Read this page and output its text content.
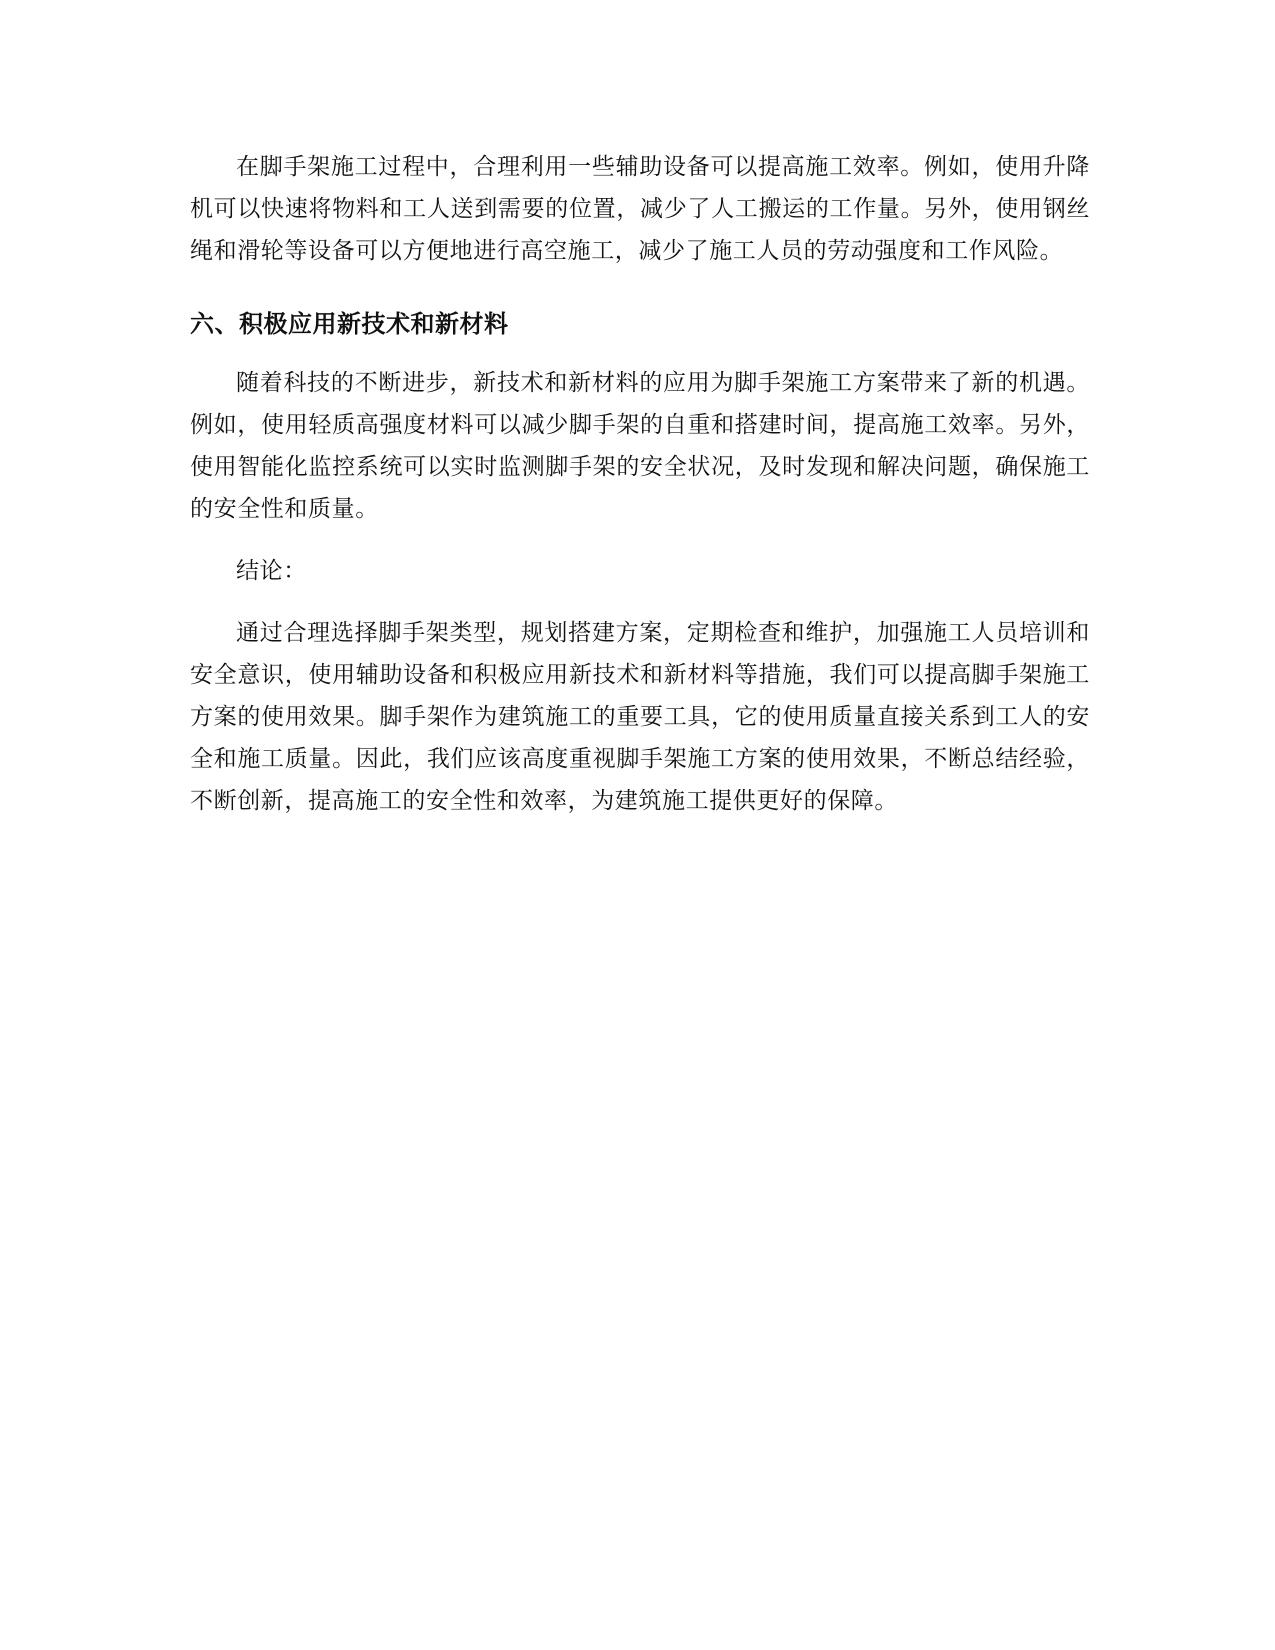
在脚手架施工过程中，合理利用一些辅助设备可以提高施工效率。例如，使用升降机可以快速将物料和工人送到需要的位置，减少了人工搬运的工作量。另外，使用钢丝绳和滑轮等设备可以方便地进行高空施工，减少了施工人员的劳动强度和工作风险。

六、积极应用新技术和新材料

随着科技的不断进步，新技术和新材料的应用为脚手架施工方案带来了新的机遇。例如，使用轻质高强度材料可以减少脚手架的自重和搭建时间，提高施工效率。另外，使用智能化监控系统可以实时监测脚手架的安全状况，及时发现和解决问题，确保施工的安全性和质量。

结论：

通过合理选择脚手架类型，规划搭建方案，定期检查和维护，加强施工人员培训和安全意识，使用辅助设备和积极应用新技术和新材料等措施，我们可以提高脚手架施工方案的使用效果。脚手架作为建筑施工的重要工具，它的使用质量直接关系到工人的安全和施工质量。因此，我们应该高度重视脚手架施工方案的使用效果，不断总结经验，不断创新，提高施工的安全性和效率，为建筑施工提供更好的保障。
